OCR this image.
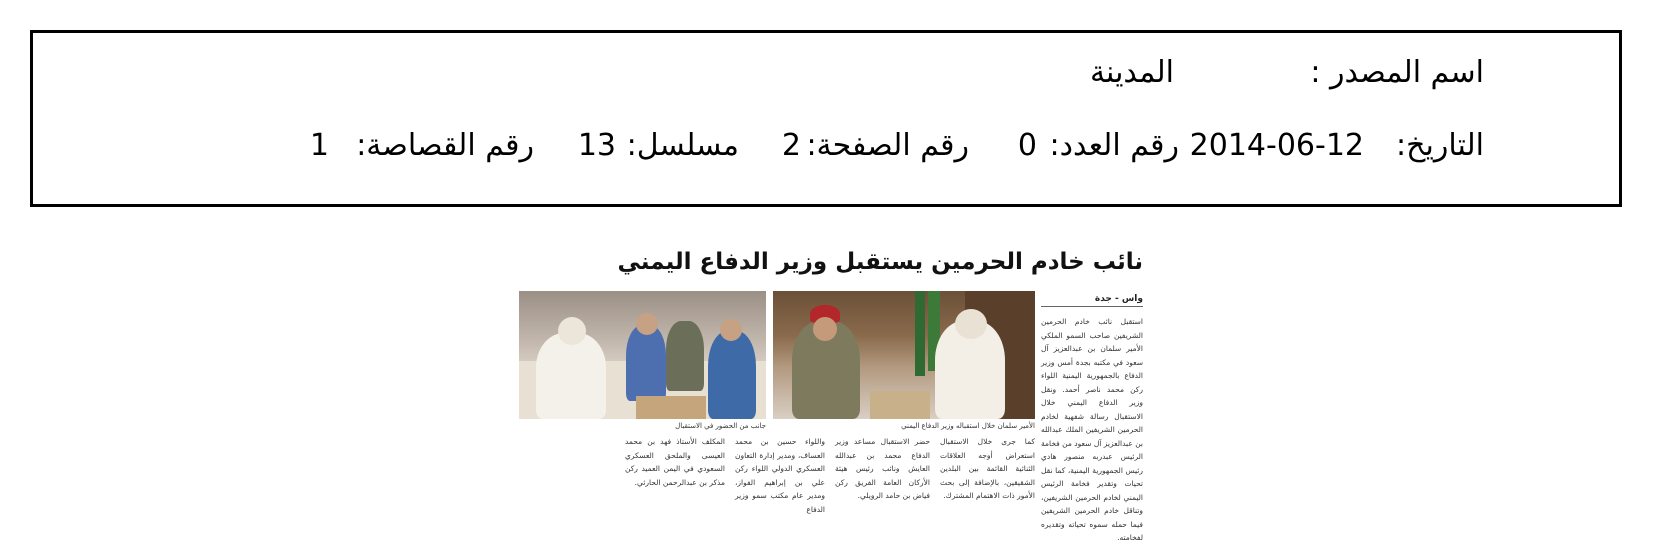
اسم المصدر :
المدينة
التاريخ:
2014-06-12
رقم العدد:
0
رقم الصفحة:
2
مسلسل:
13
رقم القصاصة:
1
نائب خادم الحرمين يستقبل وزير الدفاع اليمني
واس - جدة
استقبل نائب خادم الحرمين الشريفين صاحب السمو الملكي الأمير سلمان بن عبدالعزيز آل سعود في مكتبه بجدة أمس وزير الدفاع بالجمهورية اليمنية اللواء ركن محمد ناصر أحمد. ونقل وزير الدفاع اليمني خلال الاستقبال رسالة شفهية لخادم الحرمين الشريفين الملك عبدالله بن عبدالعزيز آل سعود من فخامة الرئيس عبدربه منصور هادي رئيس الجمهورية اليمنية، كما نقل تحيات وتقدير فخامة الرئيس اليمني لخادم الحرمين الشريفين، وتناقل خادم الحرمين الشريفين فيما حمله سموه تحياته وتقديره لفخامته.
الأمير سلمان خلال استقباله وزير الدفاع اليمني
جانب من الحضور في الاستقبال
كما جرى خلال الاستقبال استعراض أوجه العلاقات الثنائية القائمة بين البلدين الشقيقين، بالإضافة إلى بحث الأمور ذات الاهتمام المشترك.
حضر الاستقبال مساعد وزير الدفاع محمد بن عبدالله العايش ونائب رئيس هيئة الأركان العامة الفريق ركن فياض بن حامد الرويلي.
واللواء حسين بن محمد العساف، ومدير إدارة التعاون العسكري الدولي اللواء ركن علي بن إبراهيم الفواز، ومدير عام مكتب سمو وزير الدفاع
المكلف الأستاذ فهد بن محمد العيسى والملحق العسكري السعودي في اليمن العميد ركن مذكر بن عبدالرحمن الحارثي.
